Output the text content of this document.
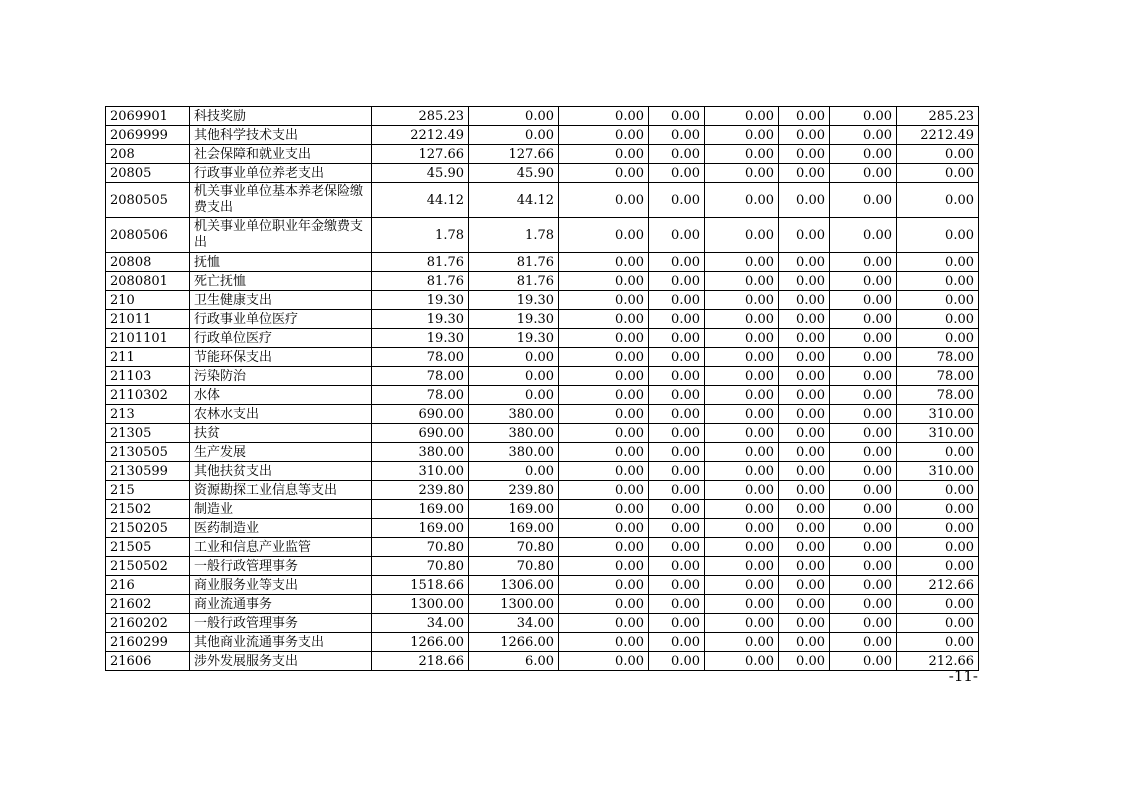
2069901	科技奖励	285.23	0.00	0.00	0.00	0.00	0.00	0.00	285.23
2069999	其他科学技术支出	2212.49	0.00	0.00	0.00	0.00	0.00	0.00	2212.49
208	社会保障和就业支出	127.66	127.66	0.00	0.00	0.00	0.00	0.00	0.00
20805	行政事业单位养老支出	45.90	45.90	0.00	0.00	0.00	0.00	0.00	0.00
2080505	机关事业单位基本养老保险缴费支出	44.12	44.12	0.00	0.00	0.00	0.00	0.00	0.00
2080506	机关事业单位职业年金缴费支出	1.78	1.78	0.00	0.00	0.00	0.00	0.00	0.00
20808	抚恤	81.76	81.76	0.00	0.00	0.00	0.00	0.00	0.00
2080801	死亡抚恤	81.76	81.76	0.00	0.00	0.00	0.00	0.00	0.00
210	卫生健康支出	19.30	19.30	0.00	0.00	0.00	0.00	0.00	0.00
21011	行政事业单位医疗	19.30	19.30	0.00	0.00	0.00	0.00	0.00	0.00
2101101	行政单位医疗	19.30	19.30	0.00	0.00	0.00	0.00	0.00	0.00
211	节能环保支出	78.00	0.00	0.00	0.00	0.00	0.00	0.00	78.00
21103	污染防治	78.00	0.00	0.00	0.00	0.00	0.00	0.00	78.00
2110302	水体	78.00	0.00	0.00	0.00	0.00	0.00	0.00	78.00
213	农林水支出	690.00	380.00	0.00	0.00	0.00	0.00	0.00	310.00
21305	扶贫	690.00	380.00	0.00	0.00	0.00	0.00	0.00	310.00
2130505	生产发展	380.00	380.00	0.00	0.00	0.00	0.00	0.00	0.00
2130599	其他扶贫支出	310.00	0.00	0.00	0.00	0.00	0.00	0.00	310.00
215	资源勘探工业信息等支出	239.80	239.80	0.00	0.00	0.00	0.00	0.00	0.00
21502	制造业	169.00	169.00	0.00	0.00	0.00	0.00	0.00	0.00
2150205	医药制造业	169.00	169.00	0.00	0.00	0.00	0.00	0.00	0.00
21505	工业和信息产业监管	70.80	70.80	0.00	0.00	0.00	0.00	0.00	0.00
2150502	一般行政管理事务	70.80	70.80	0.00	0.00	0.00	0.00	0.00	0.00
216	商业服务业等支出	1518.66	1306.00	0.00	0.00	0.00	0.00	0.00	212.66
21602	商业流通事务	1300.00	1300.00	0.00	0.00	0.00	0.00	0.00	0.00
2160202	一般行政管理事务	34.00	34.00	0.00	0.00	0.00	0.00	0.00	0.00
2160299	其他商业流通事务支出	1266.00	1266.00	0.00	0.00	0.00	0.00	0.00	0.00
21606	涉外发展服务支出	218.66	6.00	0.00	0.00	0.00	0.00	0.00	212.66
-11-
